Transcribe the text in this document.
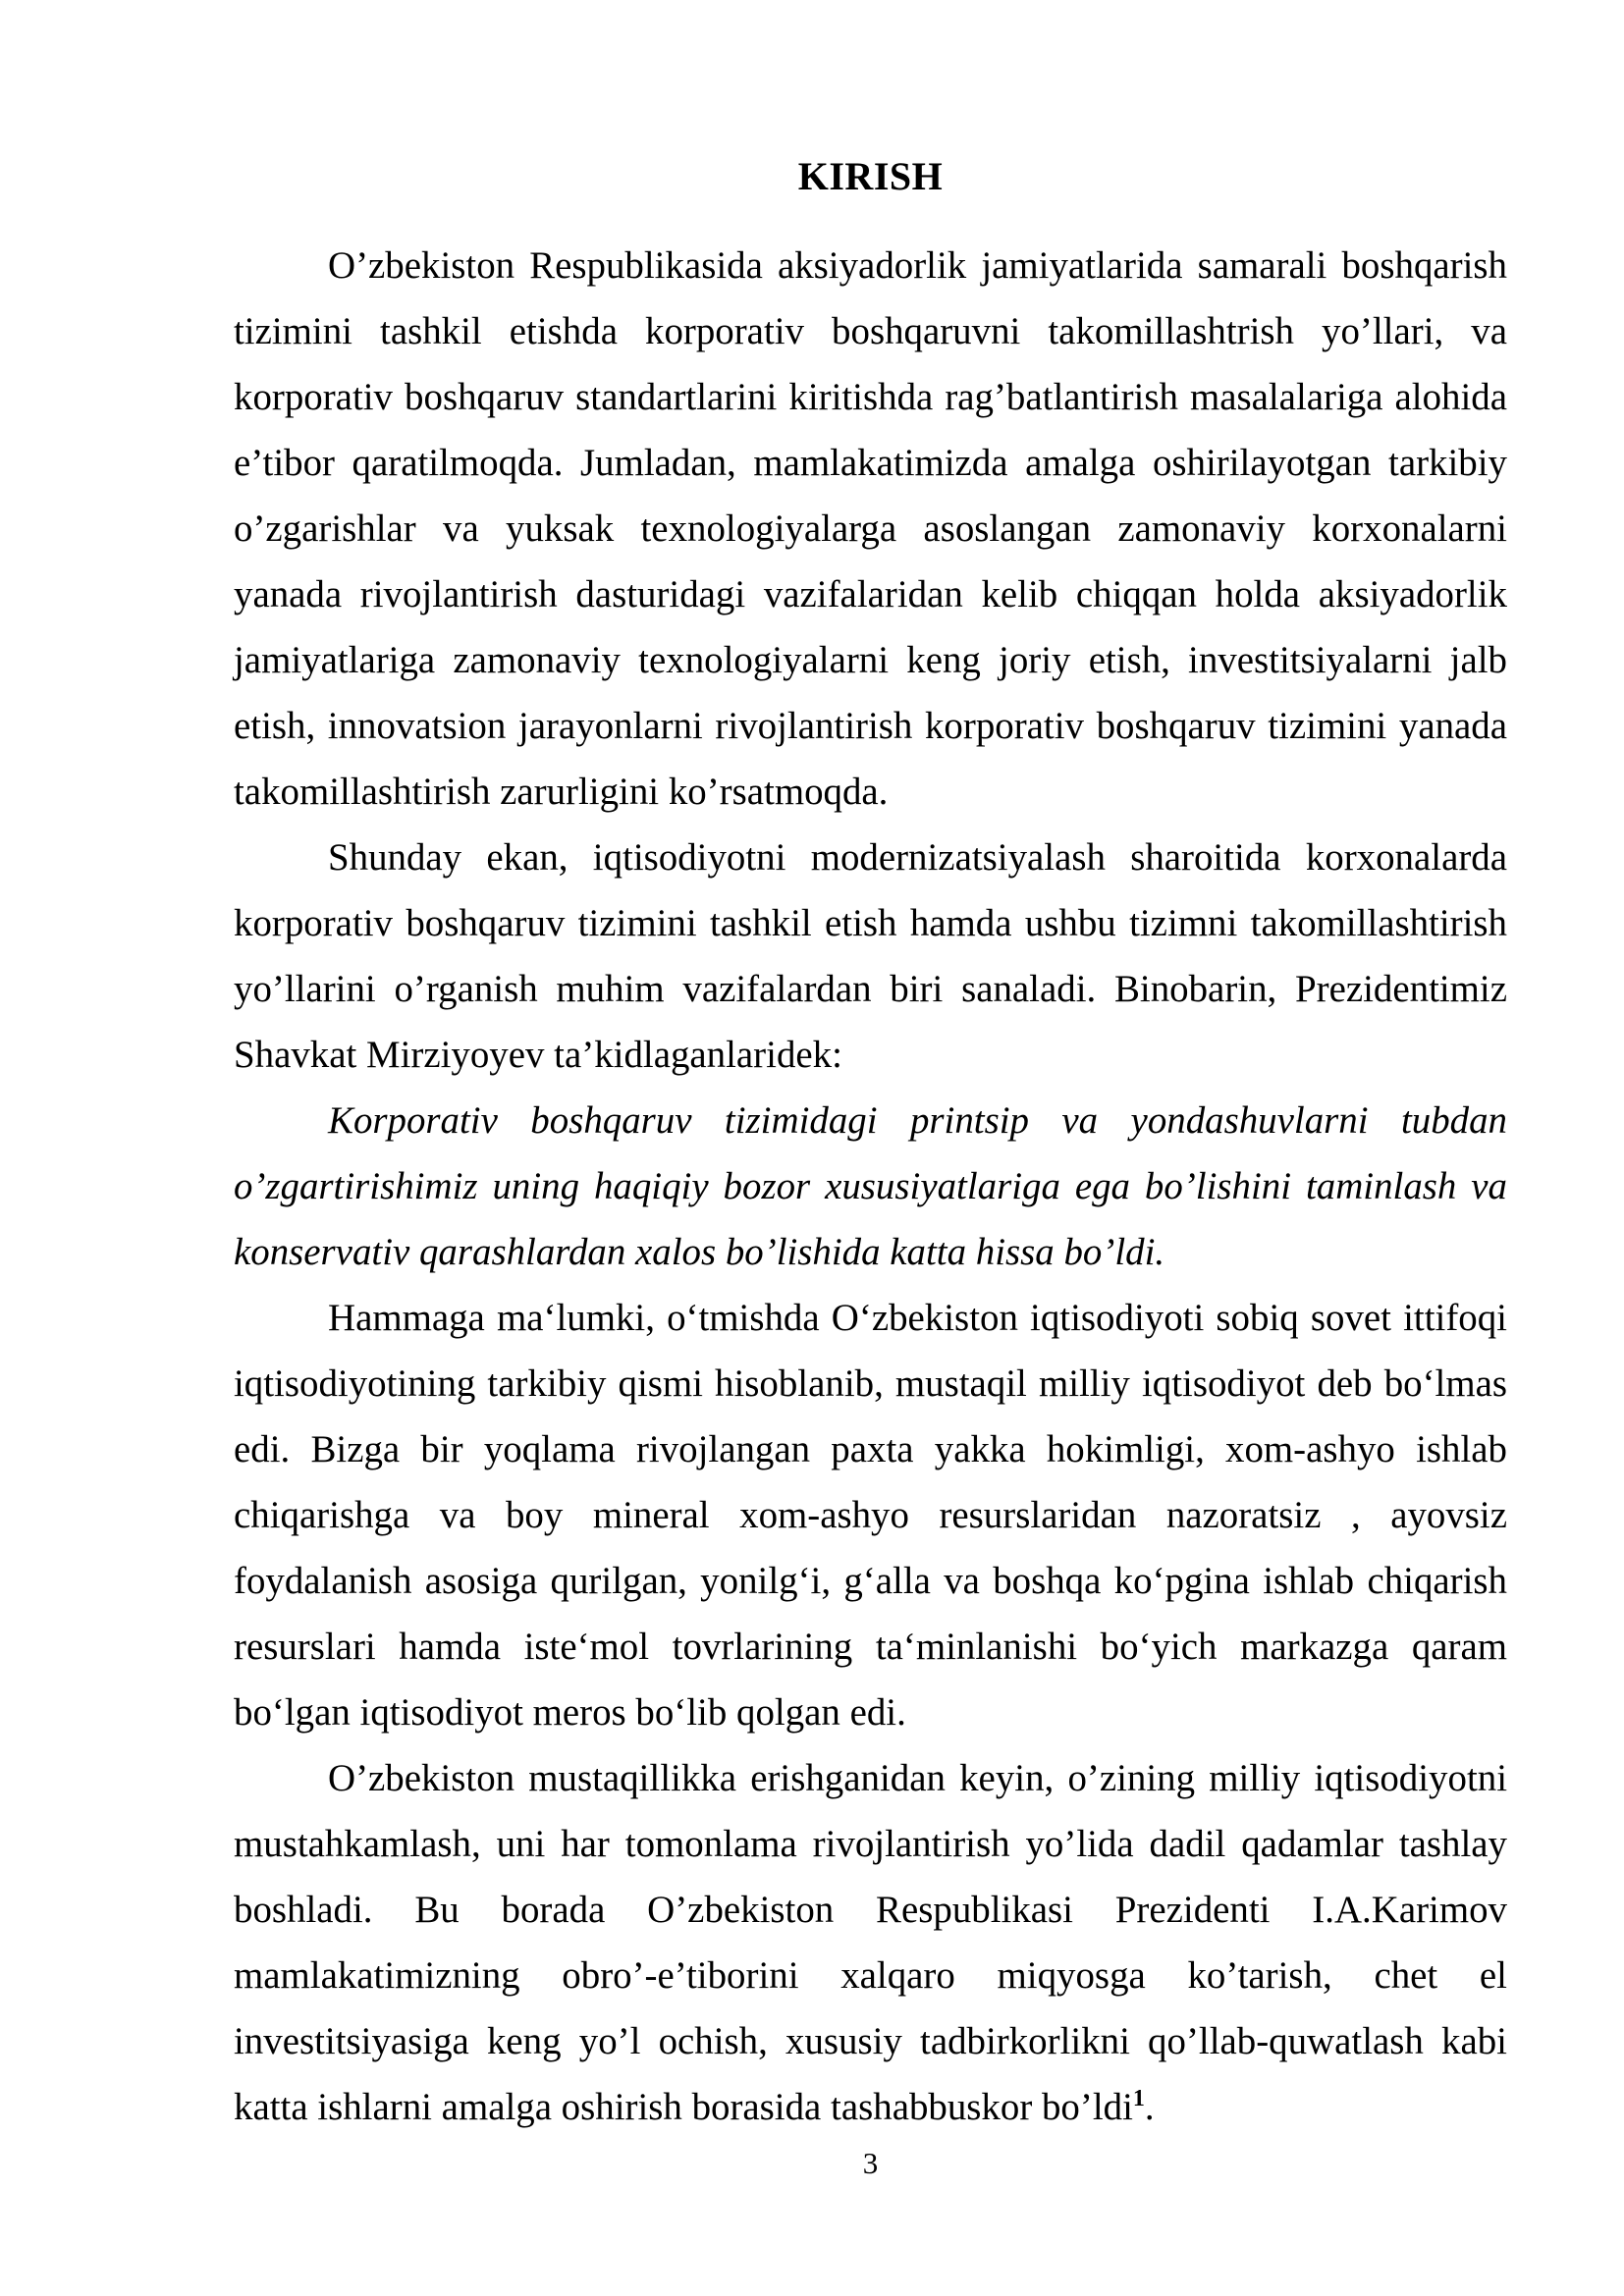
KIRISH

O’zbekiston Respublikasida aksiyadorlik jamiyatlarida samarali boshqarish tizimini tashkil etishda korporativ boshqaruvni takomillashtrish yo’llari, va korporativ boshqaruv standartlarini kiritishda rag’batlantirish masalalariga alohida e’tibor qaratilmoqda. Jumladan, mamlakatimizda amalga oshirilayotgan tarkibiy o’zgarishlar va yuksak texnologiyalarga asoslangan zamonaviy korxonalarni yanada rivojlantirish dasturidagi vazifalaridan kelib chiqqan holda aksiyadorlik jamiyatlariga zamonaviy texnologiyalarni keng joriy etish, investitsiyalarni jalb etish, innovatsion jarayonlarni rivojlantirish korporativ boshqaruv tizimini yanada takomillashtirish zarurligini ko’rsatmoqda.

Shunday ekan, iqtisodiyotni modernizatsiyalash sharoitida korxonalarda korporativ boshqaruv tizimini tashkil etish hamda ushbu tizimni takomillashtirish yo’llarini o’rganish muhim vazifalardan biri sanaladi. Binobarin, Prezidentimiz Shavkat Mirziyoyev ta’kidlaganlaridek:

Korporativ boshqaruv tizimidagi printsip va yondashuvlarni tubdan o’zgartirishimiz uning haqiqiy bozor xususiyatlariga ega bo’lishini taminlash va konservativ qarashlardan xalos bo’lishida katta hissa bo’ldi.

Hammaga ma‘lumki, o‘tmishda O‘zbekiston iqtisodiyoti sobiq sovet ittifoqi iqtisodiyotining tarkibiy qismi hisoblanib, mustaqil milliy iqtisodiyot deb bo‘lmas edi. Bizga bir yoqlama rivojlangan paxta yakka hokimligi, xom-ashyo ishlab chiqarishga va boy mineral xom-ashyo resurslaridan nazoratsiz , ayovsiz foydalanish asosiga qurilgan, yonilg‘i, g‘alla va boshqa ko‘pgina ishlab chiqarish resurslari hamda iste‘mol tovrlarining ta‘minlanishi bo‘yich markazga qaram bo‘lgan iqtisodiyot meros bo‘lib qolgan edi.

O’zbekiston mustaqillikka erishganidan keyin, o’zining milliy iqtisodiyotni mustahkamlash, uni har tomonlama rivojlantirish yo’lida dadil qadamlar tashlay boshladi. Bu borada O’zbekiston Respublikasi Prezidenti I.A.Karimov mamlakatimizning obro’-e’tiborini xalqaro miqyosga ko’tarish, chet el investitsiyasiga keng yo’l ochish, xususiy tadbirkorlikni qo’llab-quwatlash kabi katta ishlarni amalga oshirish borasida tashabbuskor bo’ldi$^1$.

3
